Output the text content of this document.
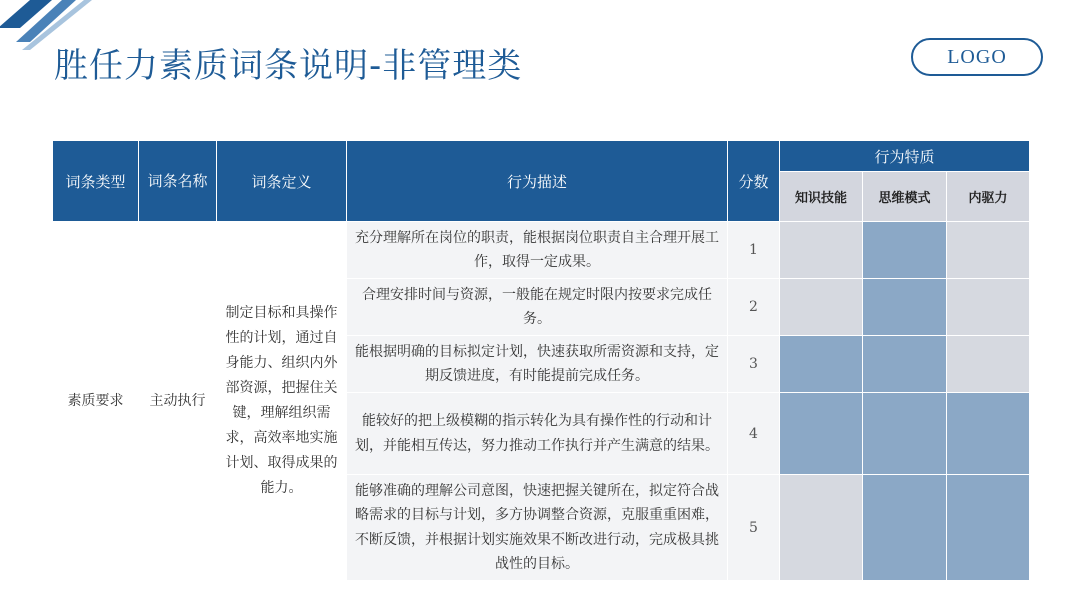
胜任力素质词条说明-非管理类	LOGO
词条类型	词条名称	词条定义	行为描述	分数	行为特质		
					知识技能	思维模式	内驱力
素质要求	主动执行	制定目标和具操作性的计划，通过自身能力、组织内外部资源，把握住关键，理解组织需求，高效率地实施计划、取得成果的能力。	充分理解所在岗位的职责，能根据岗位职责自主合理开展工作，取得一定成果。	1			
			合理安排时间与资源，一般能在规定时限内按要求完成任务。	2			
			能根据明确的目标拟定计划，快速获取所需资源和支持，定期反馈进度，有时能提前完成任务。	3			
			能较好的把上级模糊的指示转化为具有操作性的行动和计划，并能相互传达，努力推动工作执行并产生满意的结果。	4			
			能够准确的理解公司意图，快速把握关键所在，拟定符合战略需求的目标与计划，多方协调整合资源，克服重重困难，不断反馈，并根据计划实施效果不断改进行动，完成极具挑战性的目标。	5			
